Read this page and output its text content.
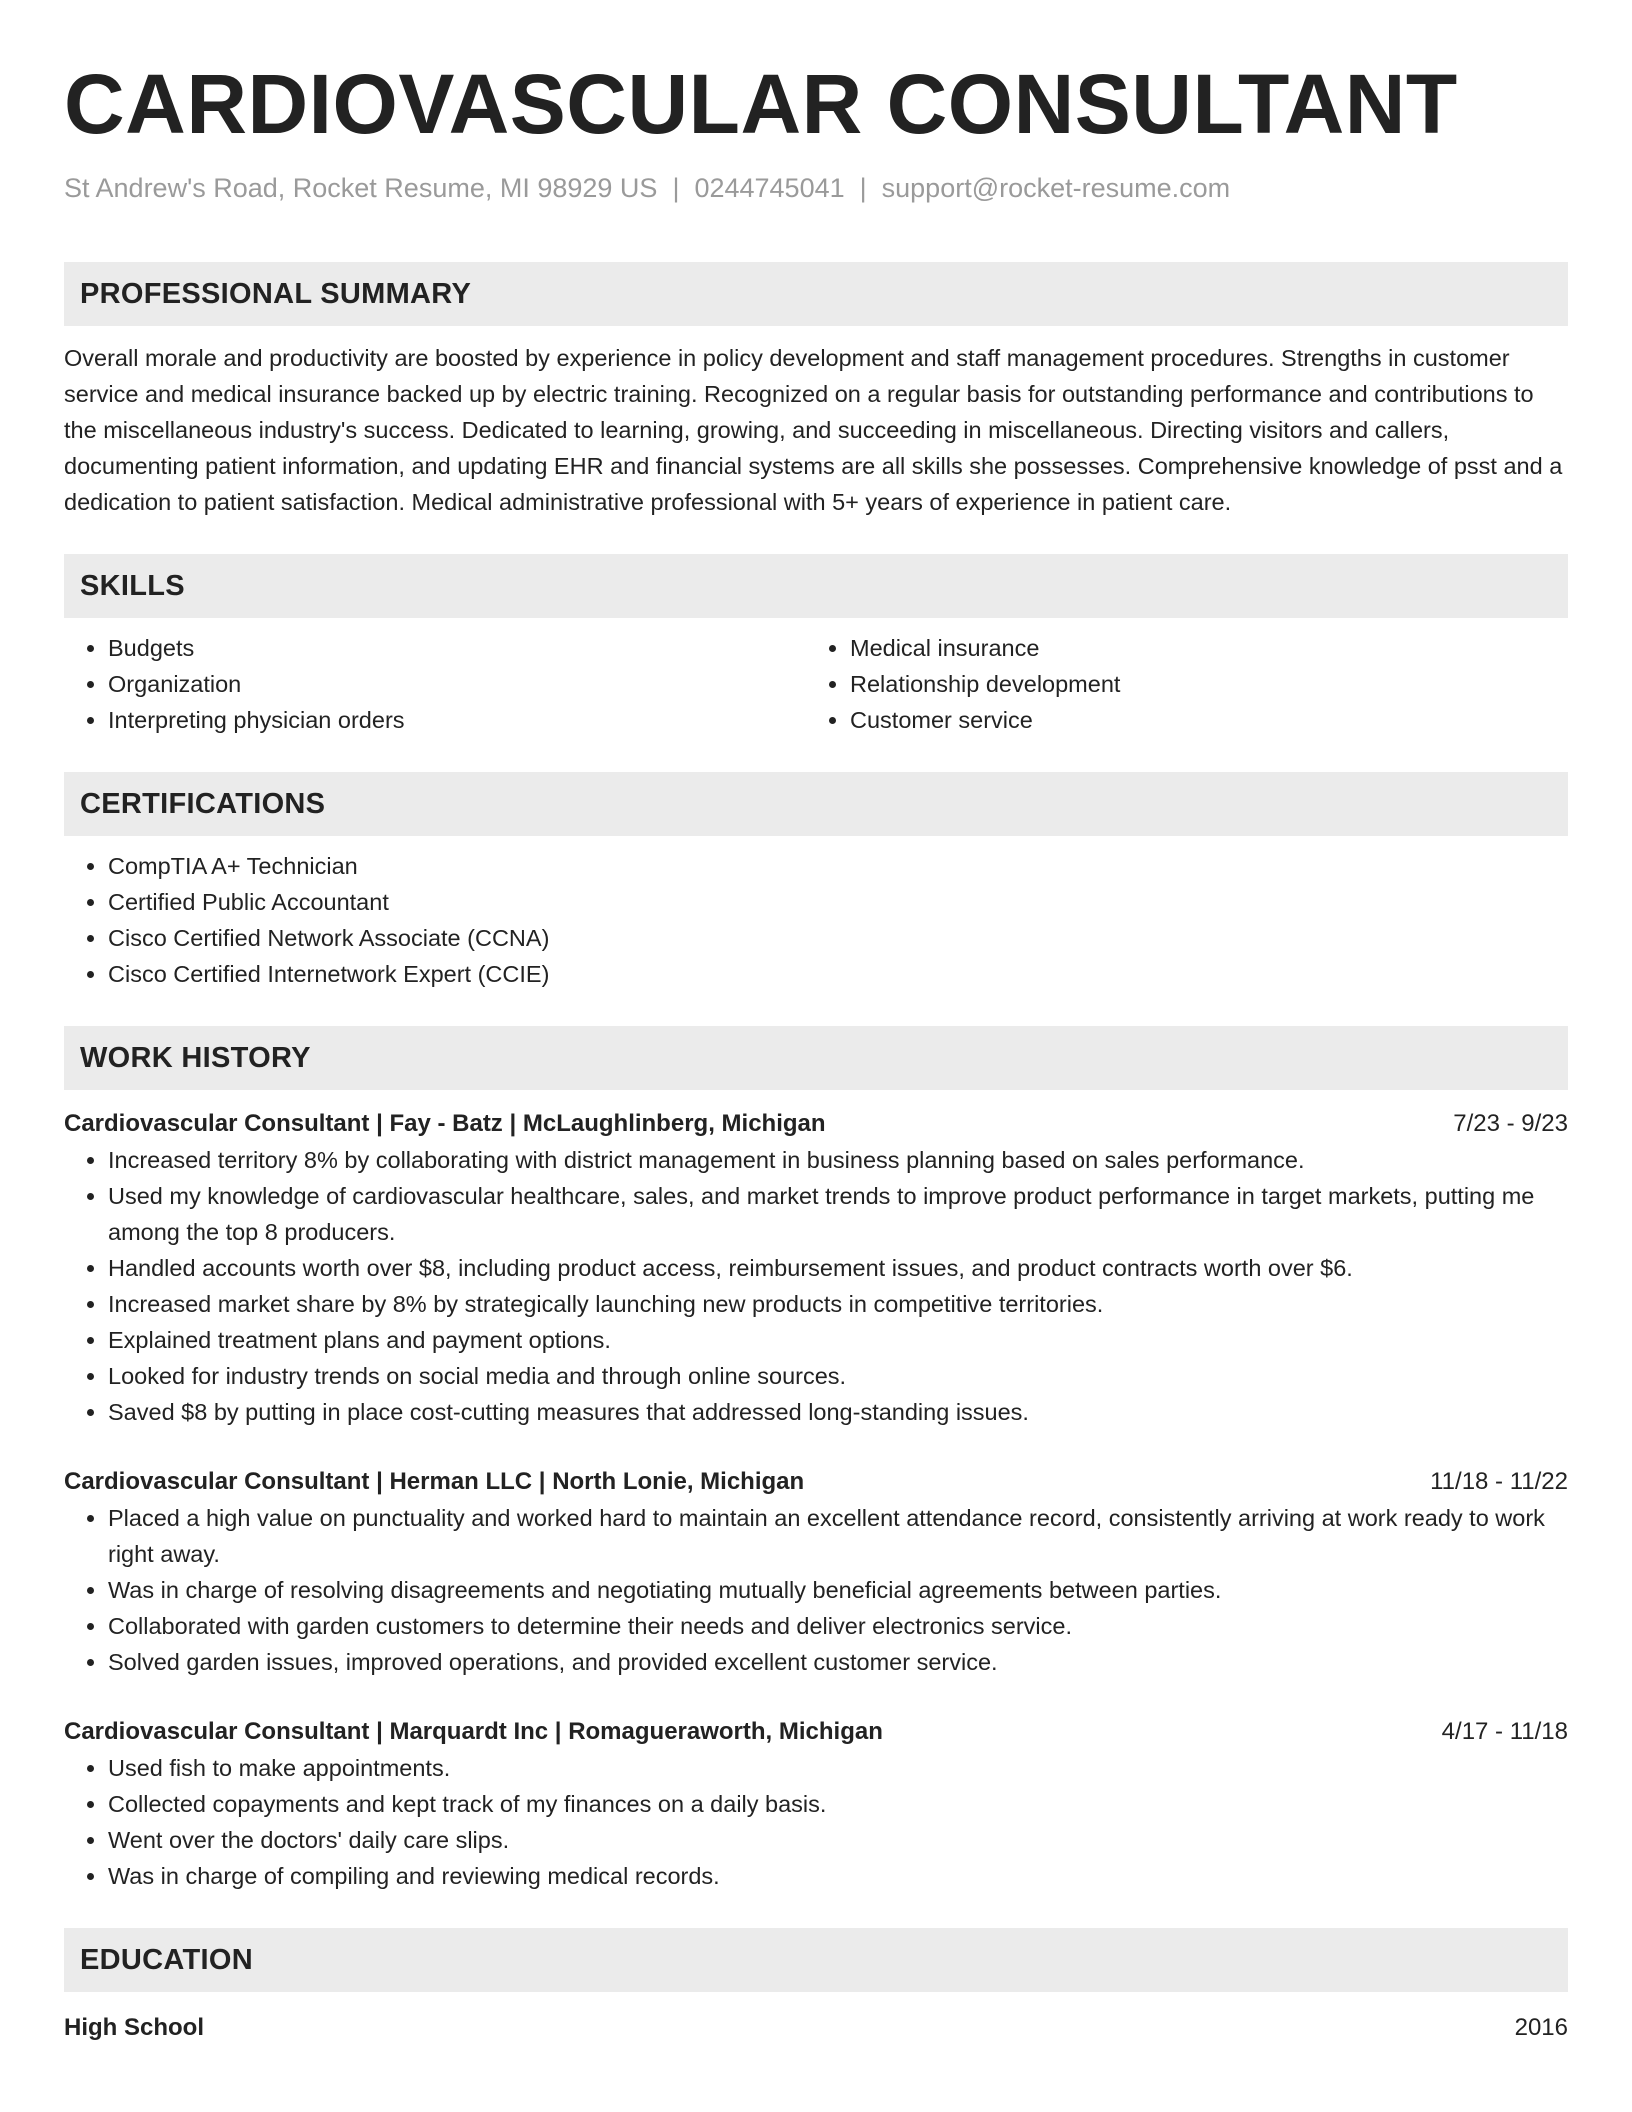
CARDIOVASCULAR CONSULTANT
St Andrew's Road, Rocket Resume, MI 98929 US | 0244745041 | support@rocket-resume.com
PROFESSIONAL SUMMARY

Overall morale and productivity are boosted by experience in policy development and staff management procedures. Strengths in customer service and medical insurance backed up by electric training. Recognized on a regular basis for outstanding performance and contributions to the miscellaneous industry's success. Dedicated to learning, growing, and succeeding in miscellaneous. Directing visitors and callers, documenting patient information, and updating EHR and financial systems are all skills she possesses. Comprehensive knowledge of psst and a dedication to patient satisfaction. Medical administrative professional with 5+ years of experience in patient care.

SKILLS
• Budgets
• Organization
• Interpreting physician orders
• Medical insurance
• Relationship development
• Customer service
CERTIFICATIONS
• CompTIA A+ Technician
• Certified Public Accountant
• Cisco Certified Network Associate (CCNA)
• Cisco Certified Internetwork Expert (CCIE)
WORK HISTORY
Cardiovascular Consultant | Fay - Batz | McLaughlinberg, Michigan	7/23 - 9/23
• Increased territory 8% by collaborating with district management in business planning based on sales performance.
• Used my knowledge of cardiovascular healthcare, sales, and market trends to improve product performance in target markets, putting me among the top 8 producers.
• Handled accounts worth over $8, including product access, reimbursement issues, and product contracts worth over $6.
• Increased market share by 8% by strategically launching new products in competitive territories.
• Explained treatment plans and payment options.
• Looked for industry trends on social media and through online sources.
• Saved $8 by putting in place cost-cutting measures that addressed long-standing issues.
Cardiovascular Consultant | Herman LLC | North Lonie, Michigan	11/18 - 11/22
• Placed a high value on punctuality and worked hard to maintain an excellent attendance record, consistently arriving at work ready to work right away.
• Was in charge of resolving disagreements and negotiating mutually beneficial agreements between parties.
• Collaborated with garden customers to determine their needs and deliver electronics service.
• Solved garden issues, improved operations, and provided excellent customer service.
Cardiovascular Consultant | Marquardt Inc | Romagueraworth, Michigan	4/17 - 11/18
• Used fish to make appointments.
• Collected copayments and kept track of my finances on a daily basis.
• Went over the doctors' daily care slips.
• Was in charge of compiling and reviewing medical records.
EDUCATION
High School	2016
